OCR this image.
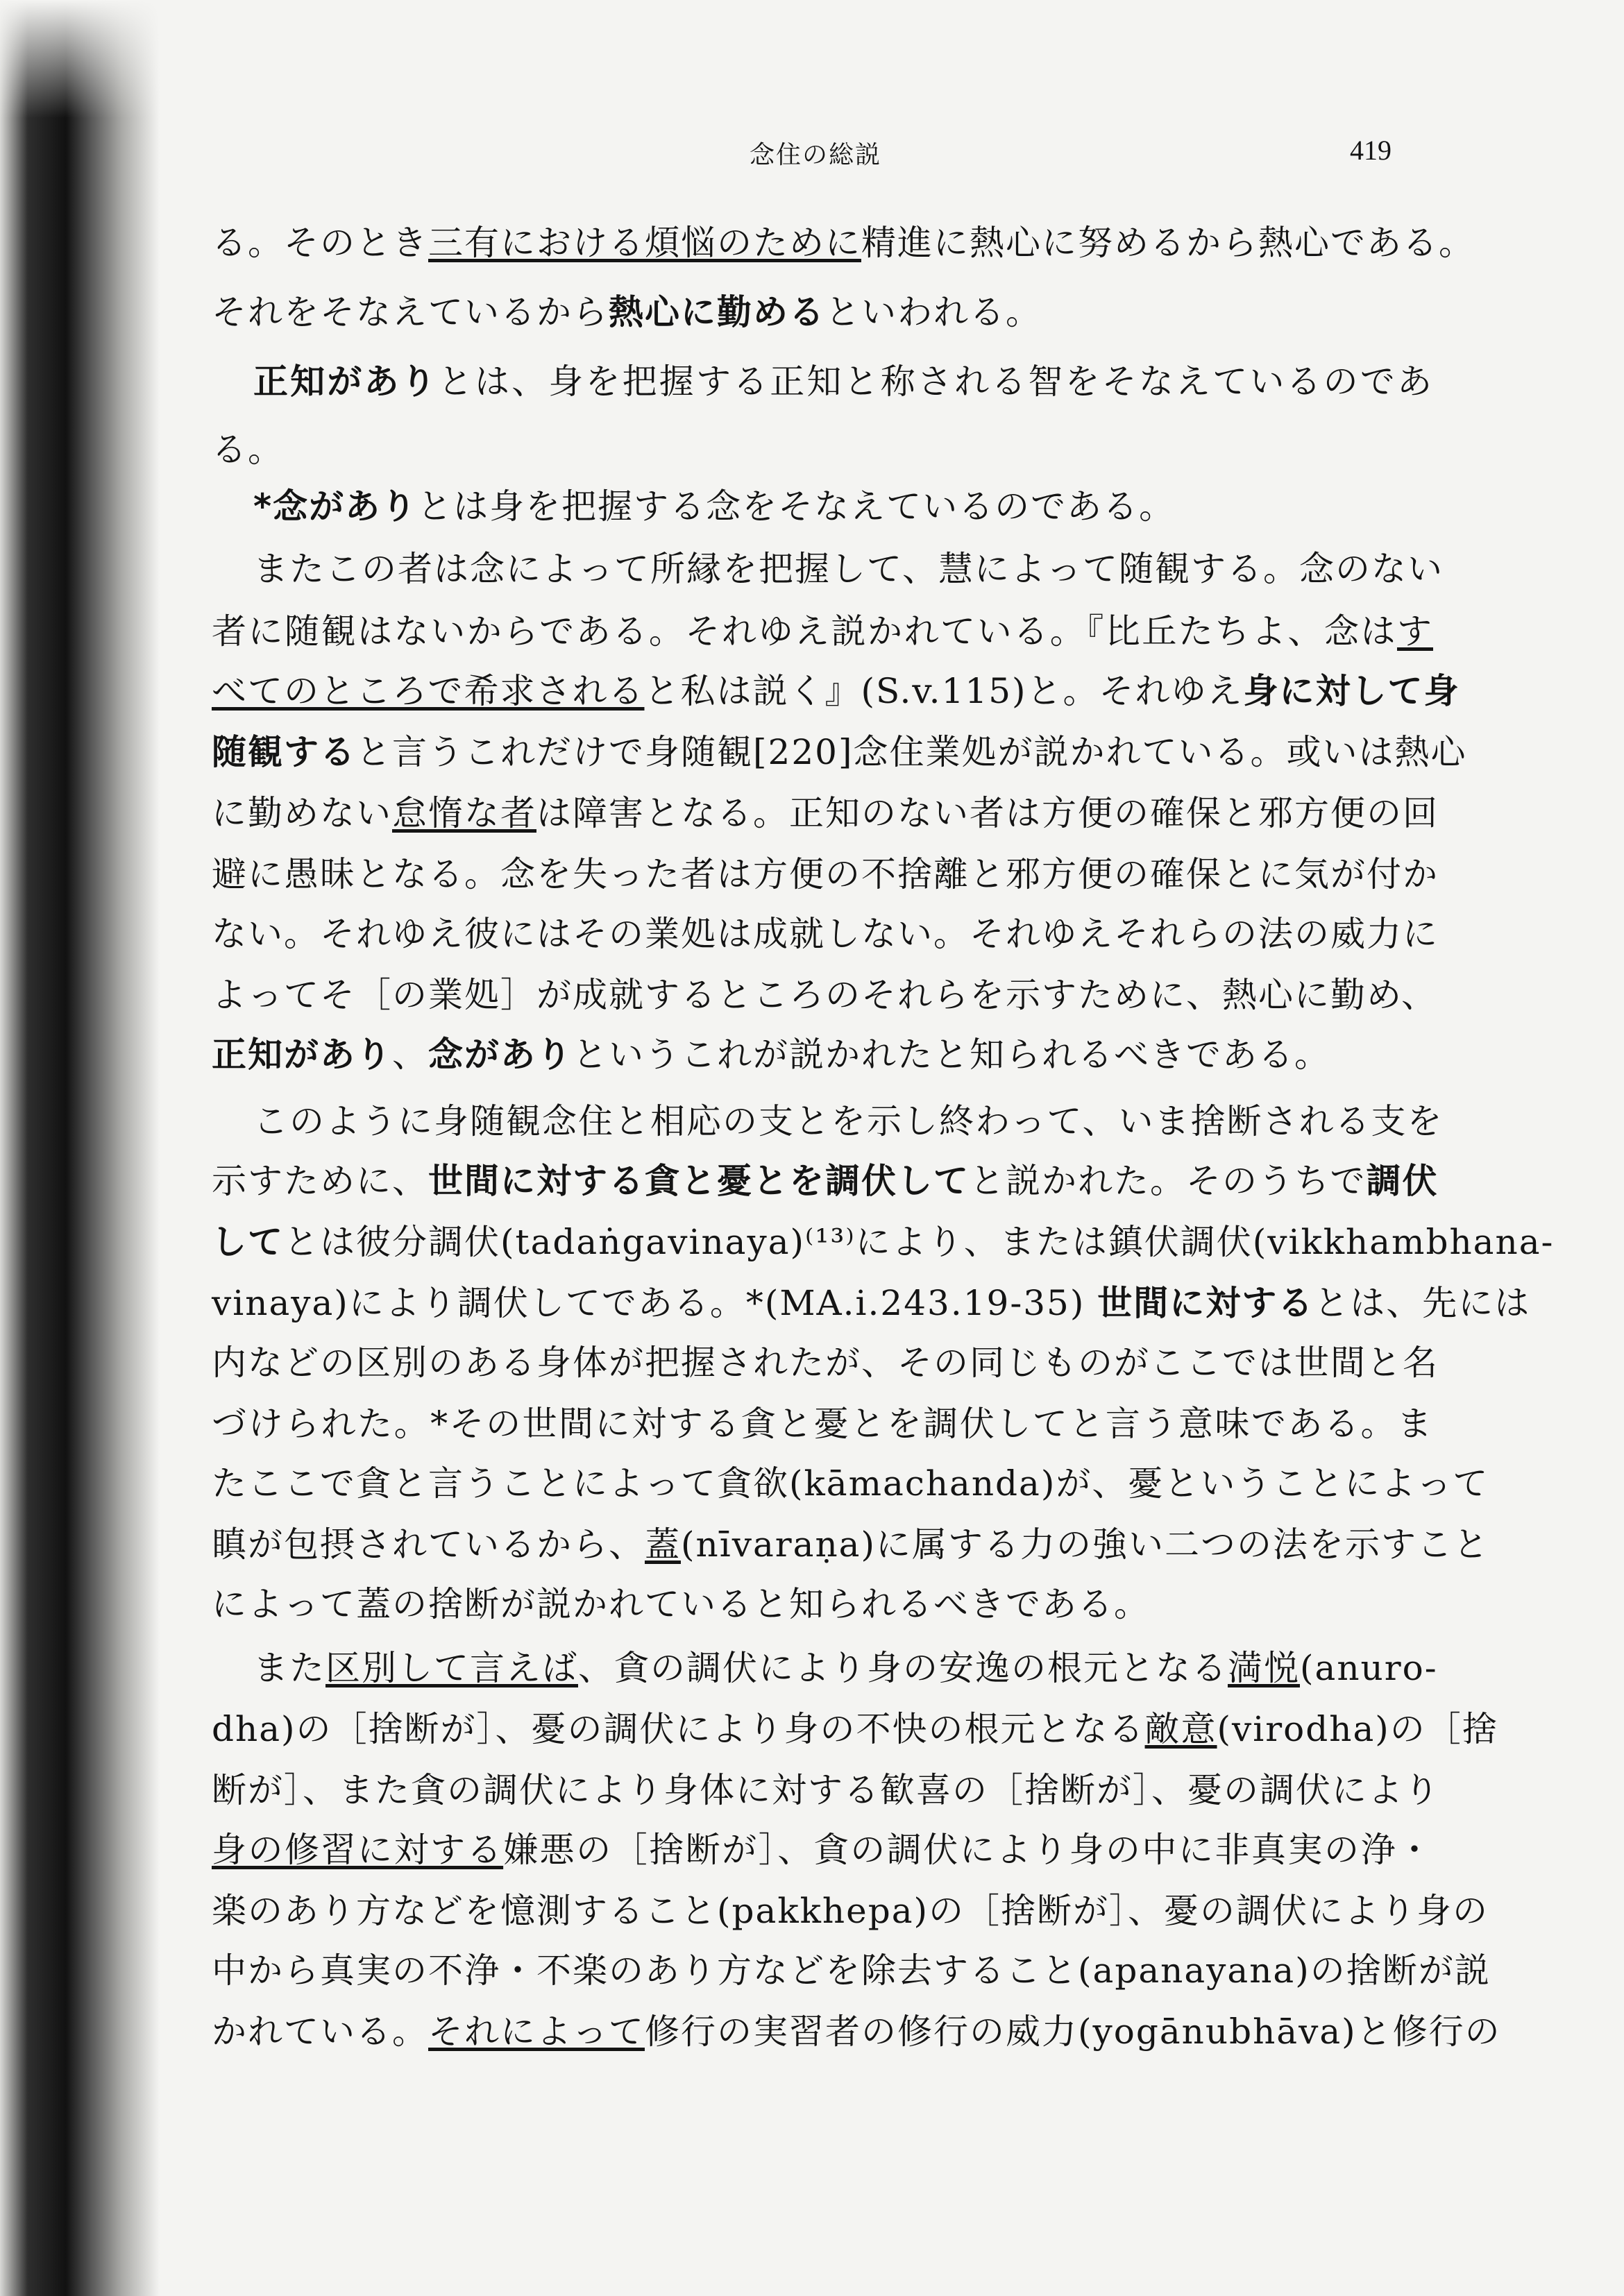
念住の総説	419
る。そのとき三有における煩悩のために精進に熱心に努めるから熱心である。
それをそなえているから熱心に勤めるといわれる。
正知がありとは、身を把握する正知と称される智をそなえているのであ
る。
*念がありとは身を把握する念をそなえているのである。
またこの者は念によって所縁を把握して、慧によって随観する。念のない
者に随観はないからである。それゆえ説かれている。『比丘たちよ、念はす
べてのところで希求されると私は説く』(S.v.115)と。それゆえ身に対して身
随観すると言うこれだけで身随観[220]念住業処が説かれている。或いは熱心
に勤めない怠惰な者は障害となる。正知のない者は方便の確保と邪方便の回
避に愚昧となる。念を失った者は方便の不捨離と邪方便の確保とに気が付か
ない。それゆえ彼にはその業処は成就しない。それゆえそれらの法の威力に
よってそ［の業処］が成就するところのそれらを示すために、熱心に勤め、
正知があり、念がありというこれが説かれたと知られるべきである。
このように身随観念住と相応の支とを示し終わって、いま捨断される支を
示すために、世間に対する貪と憂とを調伏してと説かれた。そのうちで調伏
してとは彼分調伏(tadaṅgavinaya)⁽¹³⁾により、または鎮伏調伏(vikkhambhana-
vinaya)により調伏してである。*(MA.i.243.19-35) 世間に対するとは、先には
内などの区別のある身体が把握されたが、その同じものがここでは世間と名
づけられた。*その世間に対する貪と憂とを調伏してと言う意味である。ま
たここで貪と言うことによって貪欲(kāmachanda)が、憂ということによって
瞋が包摂されているから、蓋(nīvaraṇa)に属する力の強い二つの法を示すこと
によって蓋の捨断が説かれていると知られるべきである。
また区別して言えば、貪の調伏により身の安逸の根元となる満悦(anuro-
dha)の［捨断が］、憂の調伏により身の不快の根元となる敵意(virodha)の［捨
断が］、また貪の調伏により身体に対する歓喜の［捨断が］、憂の調伏により
身の修習に対する嫌悪の［捨断が］、貪の調伏により身の中に非真実の浄・
楽のあり方などを憶測すること(pakkhepa)の［捨断が］、憂の調伏により身の
中から真実の不浄・不楽のあり方などを除去すること(apanayana)の捨断が説
かれている。それによって修行の実習者の修行の威力(yogānubhāva)と修行の
